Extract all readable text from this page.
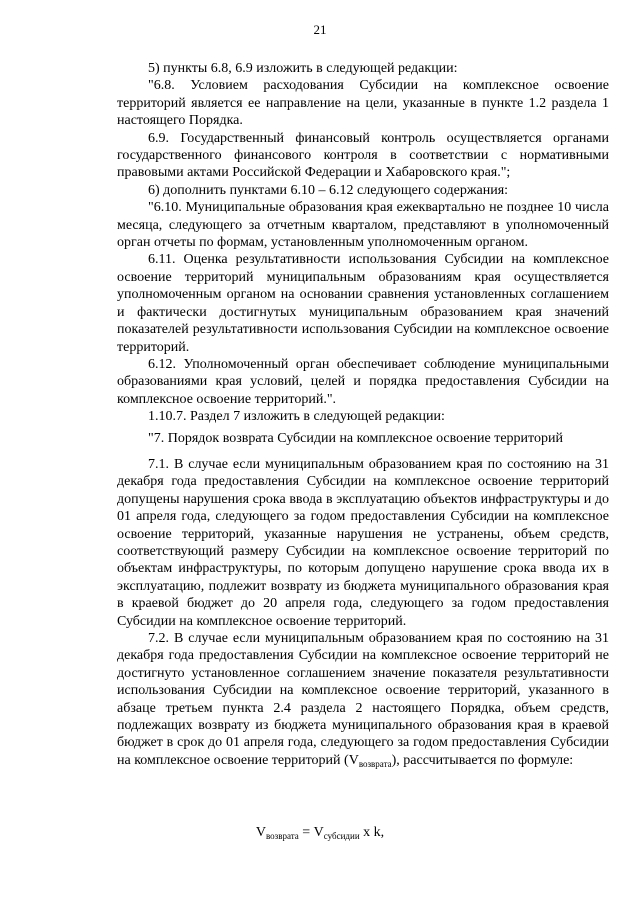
21

5) пункты 6.8, 6.9 изложить в следующей редакции:

"6.8. Условием расходования Субсидии на комплексное освоение территорий является ее направление на цели, указанные в пункте 1.2 раздела 1 настоящего Порядка.

6.9. Государственный финансовый контроль осуществляется органами государственного финансового контроля в соответствии с нормативными правовыми актами Российской Федерации и Хабаровского края.";

6) дополнить пунктами 6.10 – 6.12 следующего содержания:

"6.10. Муниципальные образования края ежеквартально не позднее 10 числа месяца, следующего за отчетным кварталом, представляют в уполномоченный орган отчеты по формам, установленным уполномоченным органом.

6.11. Оценка результативности использования Субсидии на комплексное освоение территорий муниципальным образованиям края осуществляется уполномоченным органом на основании сравнения установленных соглашением и фактически достигнутых муниципальным образованием края значений показателей результативности использования Субсидии на комплексное освоение территорий.

6.12. Уполномоченный орган обеспечивает соблюдение муниципальными образованиями края условий, целей и порядка предоставления Субсидии на комплексное освоение территорий.".

1.10.7. Раздел 7 изложить в следующей редакции:

"7. Порядок возврата Субсидии на комплексное освоение территорий

7.1. В случае если муниципальным образованием края по состоянию на 31 декабря года предоставления Субсидии на комплексное освоение территорий допущены нарушения срока ввода в эксплуатацию объектов инфраструктуры и до 01 апреля года, следующего за годом предоставления Субсидии на комплексное освоение территорий, указанные нарушения не устранены, объем средств, соответствующий размеру Субсидии на комплексное освоение территорий по объектам инфраструктуры, по которым допущено нарушение срока ввода их в эксплуатацию, подлежит возврату из бюджета муниципального образования края в краевой бюджет до 20 апреля года, следующего за годом предоставления Субсидии на комплексное освоение территорий.

7.2. В случае если муниципальным образованием края по состоянию на 31 декабря года предоставления Субсидии на комплексное освоение территорий не достигнуто установленное соглашением значение показателя результативности использования Субсидии на комплексное освоение территорий, указанного в абзаце третьем пункта 2.4 раздела 2 настоящего Порядка, объем средств, подлежащих возврату из бюджета муниципального образования края в краевой бюджет в срок до 01 апреля года, следующего за годом предоставления Субсидии на комплексное освоение территорий $(V_{возврата})$, рассчитывается по формуле:

$V_{возврата} = V_{субсидии}$ x k,
